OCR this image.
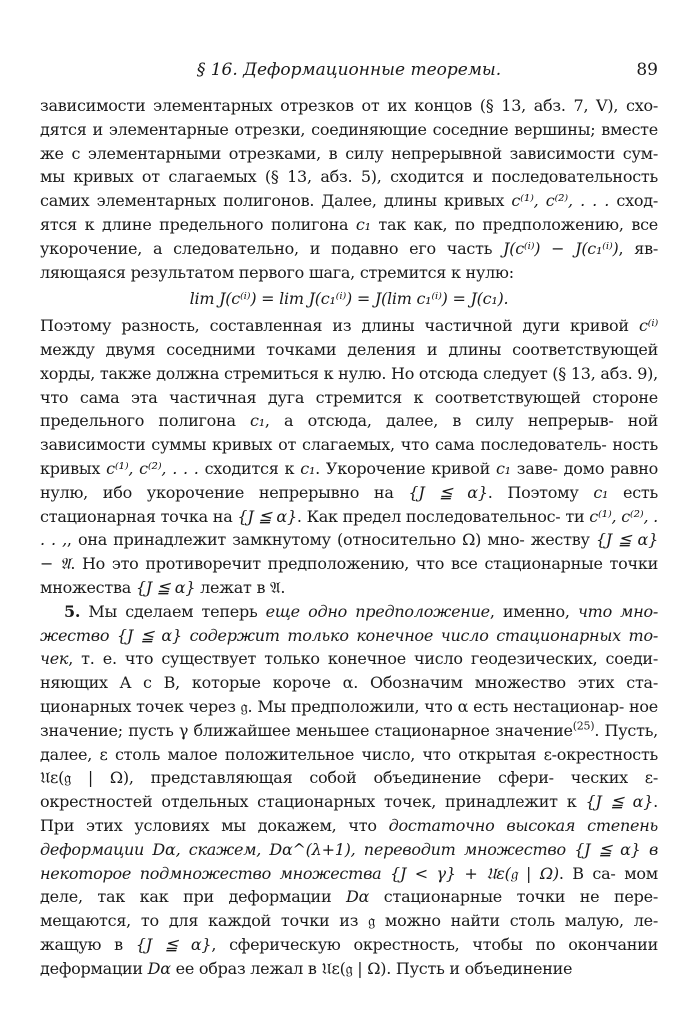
§ 16. Деформационные теоремы.	89

зависимости элементарных отрезков от их концов (§ 13, абз. 7, V), схо- дятся и элементарные отрезки, соединяющие соседние вершины; вместе же с элементарными отрезками, в силу непрерывной зависимости сум- мы кривых от слагаемых (§ 13, абз. 5), сходится и последовательность самих элементарных полигонов. Далее, длины кривых c⁽¹⁾, c⁽²⁾, . . . сход- ятся к длине предельного полигона c₁ так как, по предположению, все укорочение, а следовательно, и подавно его часть J(c⁽ⁱ⁾) − J(c₁⁽ⁱ⁾), яв- ляющаяся результатом первого шага, стремится к нулю:

lim J(c⁽ⁱ⁾) = lim J(c₁⁽ⁱ⁾) = J(lim c₁⁽ⁱ⁾) = J(c₁).

Поэтому разность, составленная из длины частичной дуги кривой c⁽ⁱ⁾ между двумя соседними точками деления и длины соответствующей хорды, также должна стремиться к нулю. Но отсюда следует (§ 13, абз. 9), что сама эта частичная дуга стремится к соответствующей стороне предельного полигона c₁, а отсюда, далее, в силу непрерыв- ной зависимости суммы кривых от слагаемых, что сама последователь- ность кривых c⁽¹⁾, c⁽²⁾, . . . сходится к c₁. Укорочение кривой c₁ заве- домо равно нулю, ибо укорочение непрерывно на {J ≦ α}. Поэтому c₁ есть стационарная точка на {J ≦ α}. Как предел последовательнос- ти c⁽¹⁾, c⁽²⁾, . . . ,, она принадлежит замкнутому (относительно Ω) мно- жеству {J ≦ α} − 𝔄. Но это противоречит предположению, что все стационарные точки множества {J ≦ α} лежат в 𝔄.

5. Мы сделаем теперь еще одно предположение, именно, что мно- жество {J ≦ α} содержит только конечное число стационарных то- чек, т. е. что существует только конечное число геодезических, соеди- няющих A с B, которые короче α. Обозначим множество этих ста- ционарных точек через 𝔤. Мы предположили, что α есть нестационар- ное значение; пусть γ ближайшее меньшее стационарное значение$^{(25)}$. Пусть, далее, ε столь малое положительное число, что открытая ε-окрестность 𝔘ε(𝔤 | Ω), представляющая собой объединение сфери- ческих ε-окрестностей отдельных стационарных точек, принадлежит к {J ≦ α}. При этих условиях мы докажем, что достаточно высокая степень деформации Dα, скажем, Dα^(λ+1), переводит множество {J ≦ α} в некоторое подмножество множества {J < γ} + 𝔘ε(𝔤 | Ω). В са- мом деле, так как при деформации Dα стационарные точки не пере- мещаются, то для каждой точки из 𝔤 можно найти столь малую, ле- жащую в {J ≦ α}, сферическую окрестность, чтобы по окончании деформации Dα ее образ лежал в 𝔘ε(𝔤 | Ω). Пусть и объединение
